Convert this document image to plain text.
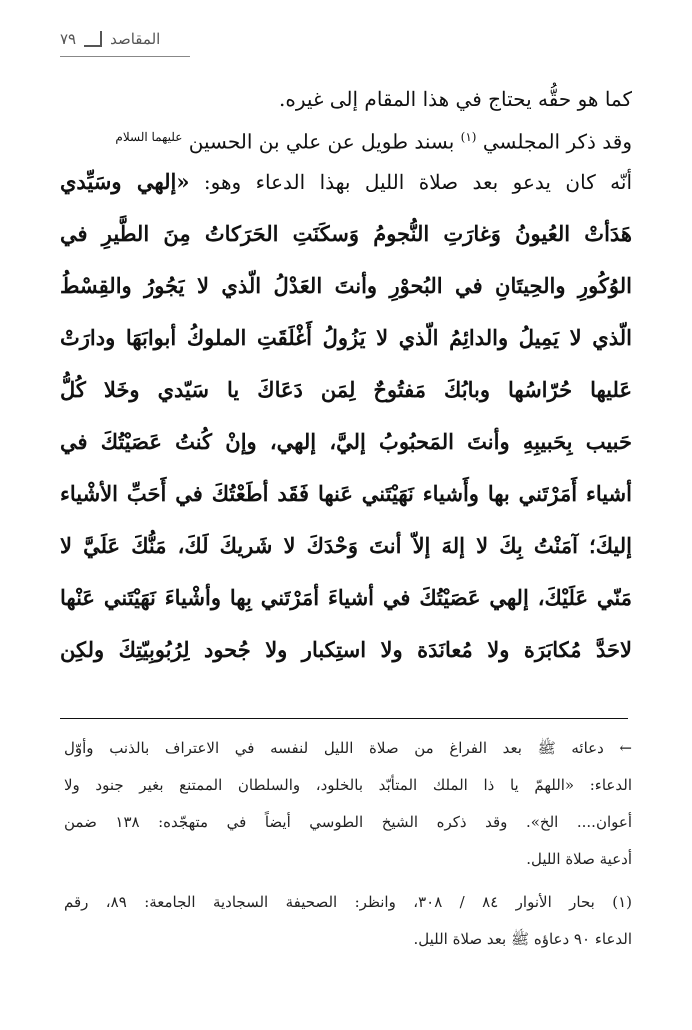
المقاصد
٧٩
كما هو حقُّه يحتاج في هذا المقام إلى غيره.
وقد ذكر المجلسي $^{(١)}$ بسند طويل عن علي بن الحسين $^{عليهما السلام}$
أنّه كان يدعو بعد صلاة الليل بهذا الدعاء وهو: «إلهي وسَيِّدي
هَدَأتْ العُيونُ وَغارَتِ النُّجومُ وَسكَنَتِ الحَرَكاتُ مِنَ الطَّيرِ في
الوُكُورِ والحِيتَانِ في البُحوْرِ وأنتَ العَدْلُ الّذي لا يَجُورُ والقِسْطُ
الّذي لا يَمِيلُ والدائِمُ الّذي لا يَزُولُ أَغْلَقَتِ الملوكُ أبوابَهَا ودارَتْ
عَليها حُرّاسُها وبابُكَ مَفتُوحٌ لِمَن دَعَاكَ يا سَيّدي وخَلا كُلُّ
حَبيب بِحَبيبِهِ وأنتَ المَحبُوبُ إليَّ، إلهي، وإنْ كُنتُ عَصَيْتُكَ في
أشياء أَمَرْتَني بها وأَشياء نَهَيْتَني عَنها فَقَد أطَعْتُكَ في أَحَبِّ الأشْياء
إليكَ؛ آمَنْتُ بِكَ لا إلهَ إلاّ أنتَ وَحْدَكَ لا شَريكَ لَكَ، مَنُّكَ عَلَيَّ لا
مَنّي عَلَيْكَ، إلهي عَصَيْتُكَ في أشياءَ أمَرْتَني بِها وأشْياءَ نَهَيْتَني عَنْها
لاحَدَّ مُكابَرَة ولا مُعانَدَة ولا استِكبار ولا جُحود لِرُبُوبِيّتِكَ ولكِن
← دعائه ﷺ بعد الفراغ من صلاة الليل لنفسه في الاعتراف بالذنب وأوّل
الدعاء: «اللهمّ يا ذا الملك المتأبّد بالخلود، والسلطان الممتنع بغير جنود ولا
أعوان.... الخ». وقد ذكره الشيخ الطوسي أيضاً في متهجّده: ١٣٨ ضمن
أدعية صلاة الليل.
(١) بحار الأنوار ٨٤ / ٣٠٨، وانظر: الصحيفة السجادية الجامعة: ٨٩، رقم
الدعاء ٩٠ دعاؤه ﷺ بعد صلاة الليل.
